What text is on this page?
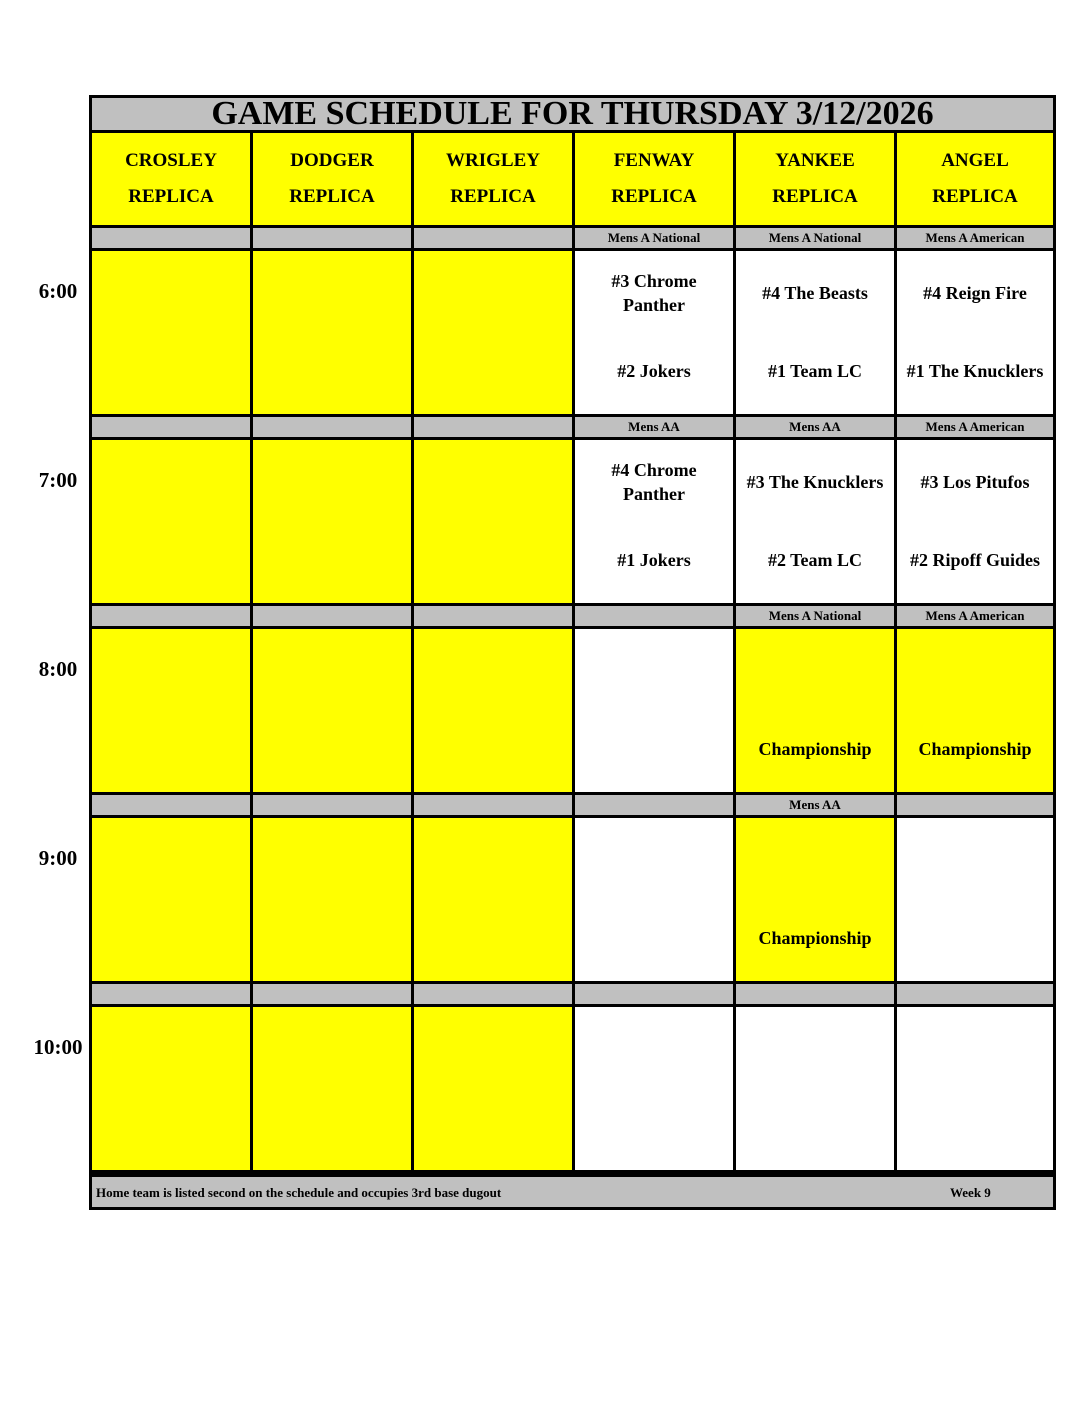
GAME SCHEDULE FOR THURSDAY 3/12/2026
Home team is listed second on the schedule and occupies 3rd base dugout	Week 9
CROSLEY
REPLICA
DODGER
REPLICA
WRIGLEY
REPLICA
FENWAY
REPLICA
YANKEE
REPLICA
ANGEL
REPLICA
Mens A National
#3 Chrome
Panther
#2 Jokers
Mens A National
#4 The Beasts
#1 Team LC
Mens A American
#4 Reign Fire
#1 The Knucklers
Mens AA
#4 Chrome
Panther
#1 Jokers
Mens AA
#3 The Knucklers
#2 Team LC
Mens A American
#3 Los Pitufos
#2 Ripoff Guides
Mens A National
Championship
Mens A American
Championship
Mens AA
Championship
6:00
7:00
8:00
9:00
10:00
